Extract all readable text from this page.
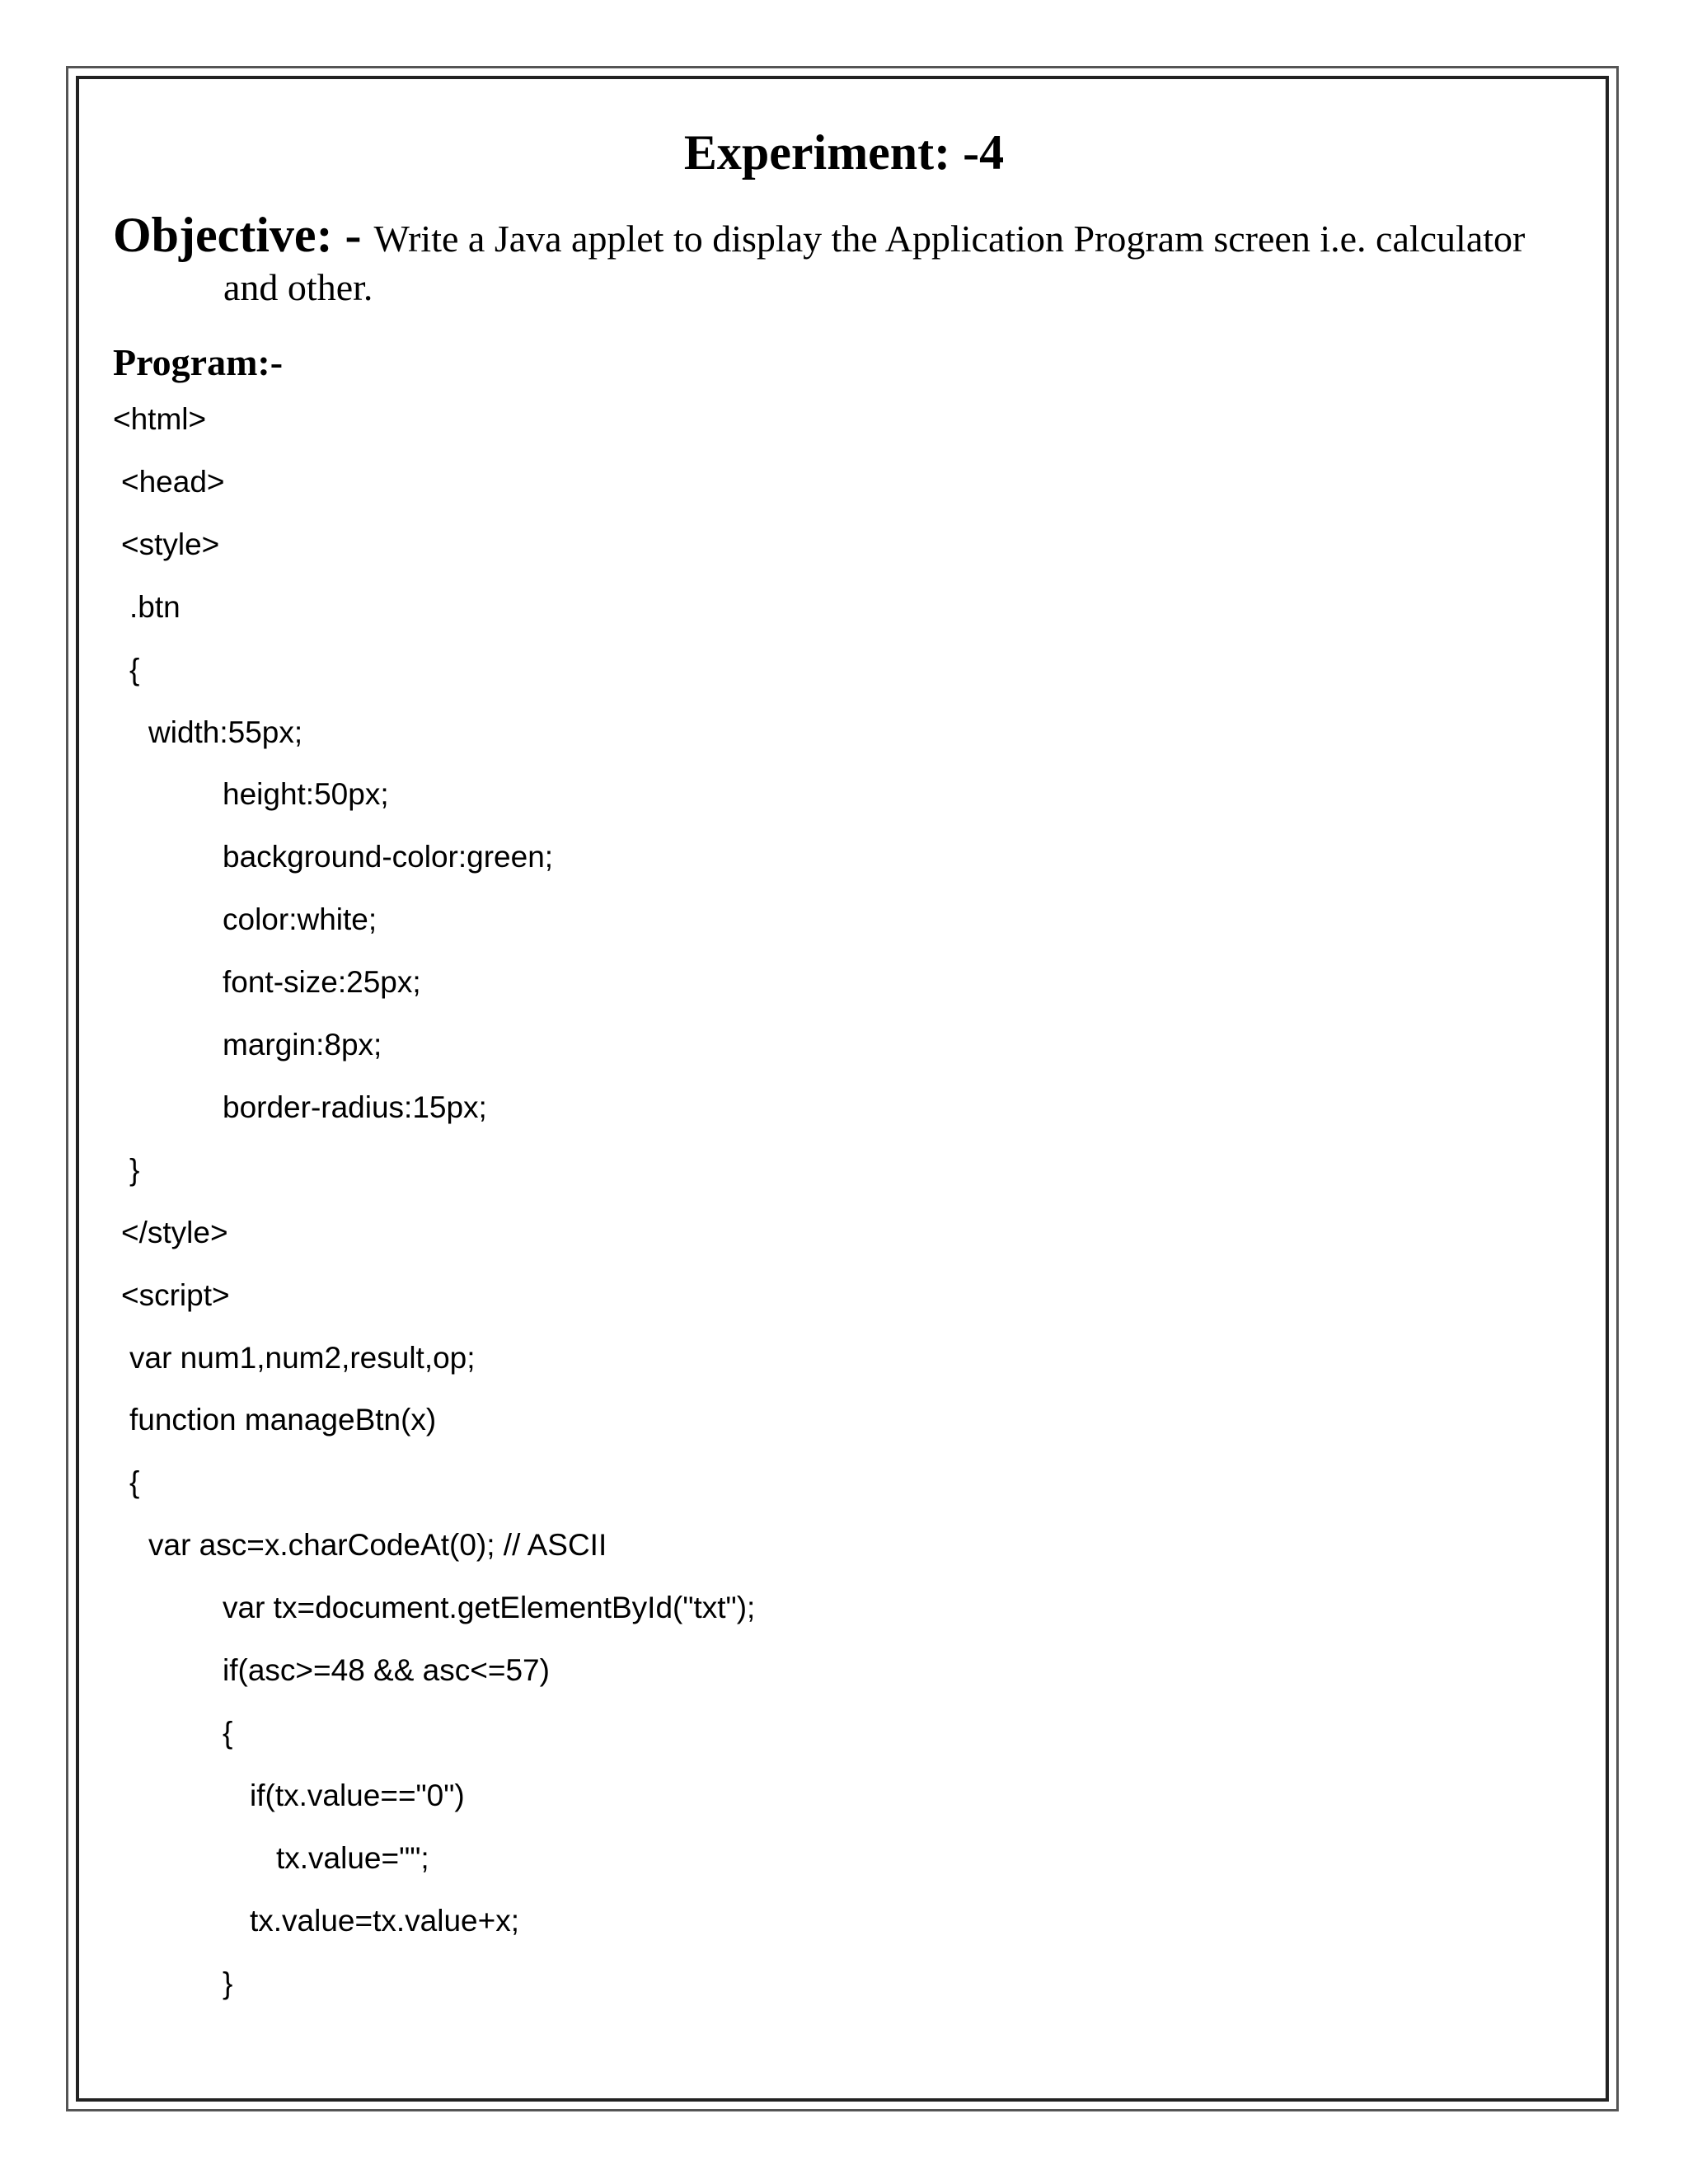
Experiment: -4
Objective: - Write a Java applet to display the Application Program screen i.e. calculator
and other.
Program:-
<html>
<head>
<style>
.btn
{
width:55px;
height:50px;
background-color:green;
color:white;
font-size:25px;
margin:8px;
border-radius:15px;
}
</style>
<script>
var num1,num2,result,op;
function manageBtn(x)
{
var asc=x.charCodeAt(0); // ASCII
var tx=document.getElementById("txt");
if(asc>=48 && asc<=57)
{
if(tx.value=="0")
tx.value="";
tx.value=tx.value+x;
}
